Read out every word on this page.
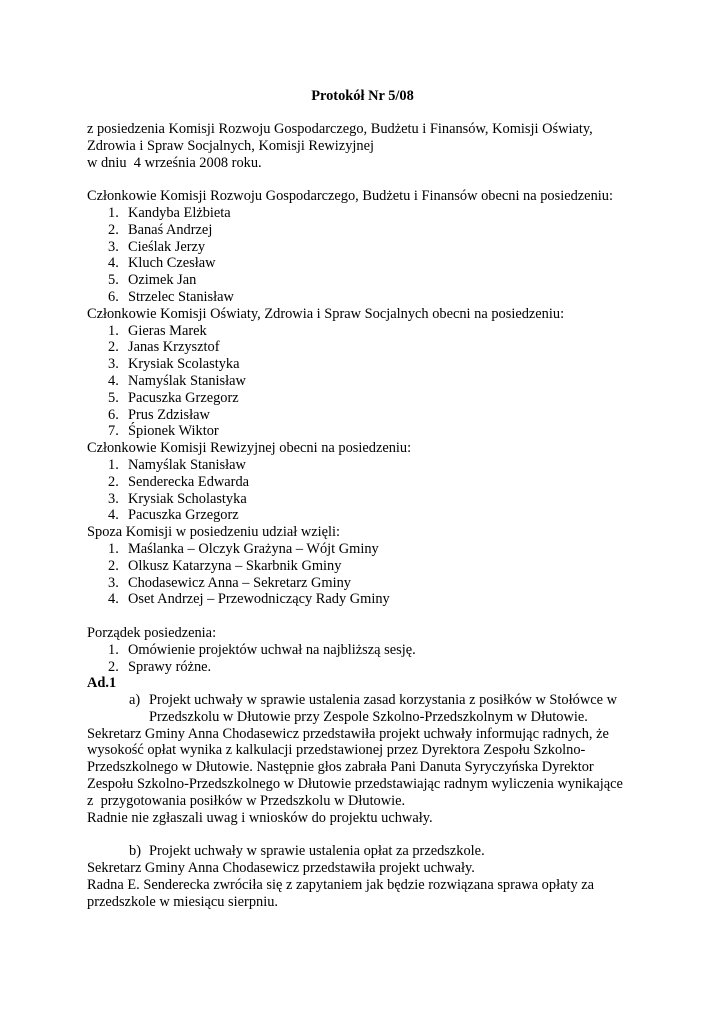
Protokół Nr 5/08
z posiedzenia Komisji Rozwoju Gospodarczego, Budżetu i Finansów, Komisji Oświaty,
Zdrowia i Spraw Socjalnych, Komisji Rewizyjnej
w dniu  4 września 2008 roku.
Członkowie Komisji Rozwoju Gospodarczego, Budżetu i Finansów obecni na posiedzeniu:
1. Kandyba Elżbieta
2. Banaś Andrzej
3. Cieślak Jerzy
4. Kluch Czesław
5. Ozimek Jan
6. Strzelec Stanisław
Członkowie Komisji Oświaty, Zdrowia i Spraw Socjalnych obecni na posiedzeniu:
1. Gieras Marek
2. Janas Krzysztof
3. Krysiak Scolastyka
4. Namyślak Stanisław
5. Pacuszka Grzegorz
6. Prus Zdzisław
7. Śpionek Wiktor
Członkowie Komisji Rewizyjnej obecni na posiedzeniu:
1. Namyślak Stanisław
2. Senderecka Edwarda
3. Krysiak Scholastyka
4. Pacuszka Grzegorz
Spoza Komisji w posiedzeniu udział wzięli:
1. Maślanka – Olczyk Grażyna – Wójt Gminy
2. Olkusz Katarzyna – Skarbnik Gminy
3. Chodasewicz Anna – Sekretarz Gminy
4. Oset Andrzej – Przewodniczący Rady Gminy
Porządek posiedzenia:
1. Omówienie projektów uchwał na najbliższą sesję.
2. Sprawy różne.
Ad.1
a) Projekt uchwały w sprawie ustalenia zasad korzystania z posiłków w Stołówce w Przedszkolu w Dłutowie przy Zespole Szkolno-Przedszkolnym w Dłutowie.
Sekretarz Gminy Anna Chodasewicz przedstawiła projekt uchwały informując radnych, że
wysokość opłat wynika z kalkulacji przedstawionej przez Dyrektora Zespołu Szkolno-
Przedszkolnego w Dłutowie. Następnie głos zabrała Pani Danuta Syryczyńska Dyrektor
Zespołu Szkolno-Przedszkolnego w Dłutowie przedstawiając radnym wyliczenia wynikające
z  przygotowania posiłków w Przedszkolu w Dłutowie.
Radnie nie zgłaszali uwag i wniosków do projektu uchwały.
b) Projekt uchwały w sprawie ustalenia opłat za przedszkole.
Sekretarz Gminy Anna Chodasewicz przedstawiła projekt uchwały.
Radna E. Senderecka zwróciła się z zapytaniem jak będzie rozwiązana sprawa opłaty za
przedszkole w miesiącu sierpniu.
